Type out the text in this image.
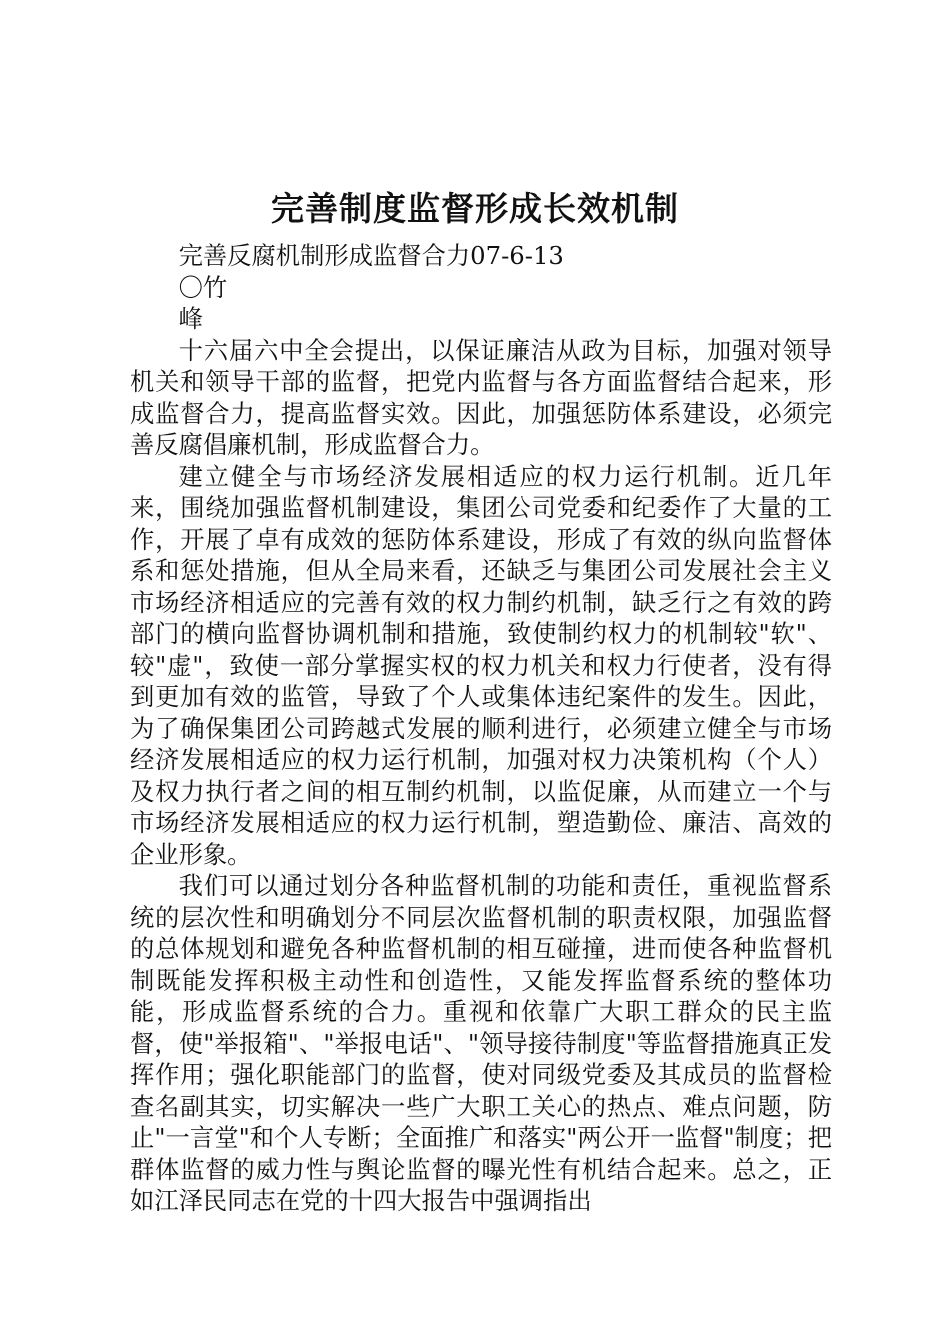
完善制度监督形成长效机制

完善反腐机制形成监督合力07-6-13

〇竹

峰

十六届六中全会提出，以保证廉洁从政为目标，加强对领导机关和领导干部的监督，把党内监督与各方面监督结合起来，形成监督合力，提高监督实效。因此，加强惩防体系建设，必须完善反腐倡廉机制，形成监督合力。

建立健全与市场经济发展相适应的权力运行机制。近几年来，围绕加强监督机制建设，集团公司党委和纪委作了大量的工作，开展了卓有成效的惩防体系建设，形成了有效的纵向监督体系和惩处措施，但从全局来看，还缺乏与集团公司发展社会主义市场经济相适应的完善有效的权力制约机制，缺乏行之有效的跨部门的横向监督协调机制和措施，致使制约权力的机制较"软"、较"虚"，致使一部分掌握实权的权力机关和权力行使者，没有得到更加有效的监管，导致了个人或集体违纪案件的发生。因此，为了确保集团公司跨越式发展的顺利进行，必须建立健全与市场经济发展相适应的权力运行机制，加强对权力决策机构（个人）及权力执行者之间的相互制约机制，以监促廉，从而建立一个与市场经济发展相适应的权力运行机制，塑造勤俭、廉洁、高效的企业形象。

我们可以通过划分各种监督机制的功能和责任，重视监督系统的层次性和明确划分不同层次监督机制的职责权限，加强监督的总体规划和避免各种监督机制的相互碰撞，进而使各种监督机制既能发挥积极主动性和创造性，又能发挥监督系统的整体功能，形成监督系统的合力。重视和依靠广大职工群众的民主监督，使"举报箱"、"举报电话"、"领导接待制度"等监督措施真正发挥作用；强化职能部门的监督，使对同级党委及其成员的监督检查名副其实，切实解决一些广大职工关心的热点、难点问题，防止"一言堂"和个人专断；全面推广和落实"两公开一监督"制度；把群体监督的威力性与舆论监督的曝光性有机结合起来。总之，正如江泽民同志在党的十四大报告中强调指出
